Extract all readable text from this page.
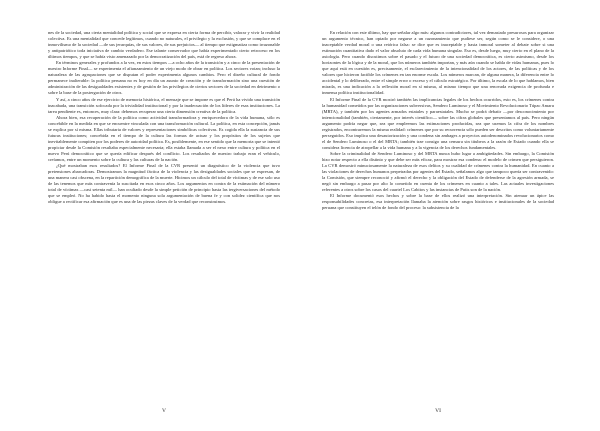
nes de la sociedad, una cierta mentalidad política y social que se expresa en cierta forma de percibir, valorar y vivir la realidad colectiva. Es una mentalidad que concede legítimos, cuando no naturales, el privilegio y la exclusión, y que se complace en el inmovilismo de la sociedad —de sus jerarquías, de sus valores, de sus prejuicios— al tiempo que estigmatiza como irrazonable y antipatriótico toda iniciativa de cambio verdadero. Ese talante conservador que había experimentado cierto retroceso en los últimos tiempos, y que se había visto amenazado por la democratización del país, está de regreso ahora.

En términos generales y profundos a la vez, en estos tiempos —a ocho años de la transición y a cinco de la presentación de nuestro Informe Final— se experimenta el afianzamiento de un viejo modo de obrar en política. Los sectores votan; incluso la naturaleza de las agrupaciones que se disputan el poder experimenta algunos cambios. Pero el diseño cultural de fondo permanece inalterable: la política peruana no es hoy en día un asunto de creación y de transformación sino una cuestión de administración de las desigualdades existentes y de gestión de los privilegios de ciertos sectores de la sociedad en detrimento o sobre la base de la postergación de otros.

Y así, a cinco años de ese ejercicio de memoria histórica, el mensaje que se impone es que el Perú ha vivido una transición inacabada, una transición sofocada por la trivialidad institucional y por la inadecuación de los líderes de esas instituciones. La tarea pendiente es, entonces, muy clara: debemos recuperar una cierta dimensión creativa de la política.

Ahora bien, esa recuperación de la política como actividad transformadora y enriquecedora de la vida humana, sólo es concebible en la medida en que se encuentre vinculada con una transformación cultural. La política, en esta concepción, jamás se explica por sí misma. Ellas tributaria de valores y representaciones simbólicas colectivas. Es cogida ella la sustancia de sus futuras instituciones; concebida en el tiempo de la cultura las formas de actuar y los propósitos de los sujetos que inevitablemente compiten por los poderes de autoridad política. Es, posiblemente, en ese sentido que la memoria que se intentó propiciar desde la Comisión resultaba especialmente necesaria; ella estaba llamada a ser el nexo entre cultura y política en el nuevo Perú democrático que se quería edificar después del conflicto. Los resultados de nuestro trabajo eran el vehículo, creíamos, entre un momento sobre la cultura y las culturas de la nación.

¿Qué mostraban esos resultados? El Informe Final de la CVR presentó un diagnóstico de la violencia que tuvo pretensiones abarcadoras. Demostramos la magnitud fáctica de la violencia y las desigualdades sociales que se expresan, de una manera casi obscena, en la repartición demográfica de la muerte. Hicimos un cálculo del total de víctimas y de ese solo uso de las tenemos que más contravenía la suscitada en esos cinco años. Los argumentos en contra de la estimación del número total de víctimas —casi setenta mil— han ocultado desde la simple petición de principio hasta las tergiversaciones del método que se empleó. No ha habido hasta el momento ninguna sola argumentación de buena fe y con solidez científica que nos obligue a rectificar esa afirmación que es una de las piezas claves de la verdad que reconstruimos.

V

En relación con este último, hay que señalar algo más: algunos contradictores, tal vez demasiado presurosos para organizar un argumento técnico, han optado por negarse a un razonamiento que pudiese ser, según como se le considere, o una inaceptable verdad moral o una retórica falsa: se dice que es inaceptable y hasta inmoral someter al debate sobre si una estimación cuantitativa dado el valor absoluto de cada vida humana singular. Eso es, desde luego, muy cierto en el plano de la axiología. Pero cuando discutimos sobre el pasado y el futuro de una sociedad democrática, es cierto asimismo, desde los horizontes de la lógica y de la moral, que los números también importan, y más aún cuando se habla de vidas humanas, pues lo que aquí está en cuestión es, precisamente, el esclarecimiento de la intencionalidad de los actores, de las políticas y de los valores que hicieron factible los crímenes en tan enorme escala. Los números marcan, de alguna manera, la diferencia entre lo accidental y lo deliberado, entre el simple error o exceso y el cálculo estratégico. Por último, la escala de lo que hablamos, bien mirada, es una indicación a la reflexión moral en sí misma, al mismo tiempo que una renovada exigencia de profunda e inmensa política institucionalidad.

El Informe Final de la CVR mostró también las implicancias legales de los hechos ocurridos, esto es, los crímenes contra la humanidad cometidos por las organizaciones subversivas, Sendero Luminoso y el Movimiento Revolucionario Túpac Amaru (MRTA), y también por los agentes armados estatales y paraestatales. Mucho se podrá debatir —por desconocimiento por intencionalidad (también, ciertamente, por interés científico— sobre las cifras globales que presentamos al país. Pero ningún argumento podría negar que, sea que empleemos las estimaciones producidas, sea que usemos la cifra de los nombres registrados, encontraremos la misma realidad: crímenes que por su recurrencia sólo pueden ser descritos como voluntariamente perseguidos. Eso implica una desautorización y una condena sin ambages a proyectos autodenominados revolucionarios como el de Sendero Luminoso o el del MRTA; también trae consigo una censura sin titubeos a la razón de Estado cuando ella se considera licencia de atropellar a la vida humana y a la vigencia de los derechos fundamentales.

Sobre la criminalidad de Sendero Luminoso y del MRTA nunca hubo lugar a ambigüedades. Sin embargo, la Comisión hizo notar respecto a ella distinto y que debe ser más eficaz, para mostrar esa condena: el modelo de crimen que persiguieron. La CVR demostró minuciosamente la naturaleza de esos delitos y su cualidad de crímenes contra la humanidad. En cuanto a las violaciones de derechos humanos perpetradas por agentes del Estado, señalamos algo que tampoco quería ser contravenido: la Comisión, que siempre reconoció y afirmó el derecho y la obligación del Estado de defenderse de la agresión armada, se negó sin embargo a pasar por alto lo cometido en cuenta de los crímenes en cuanto a tales. Las actuales investigaciones referentes a otros sobre los casos del cuartel Los Cabitos y las instancias de Putis son de la nación.

El Informe documentó esos hechos y sobre la base de ellos realizó una interpretación. Sin atenuar un ápice las responsabilidades concretas, esa interpretación llamaba la atención sobre rasgos históricos e institucionales de la sociedad peruana que constituyen el telón de fondo del proceso: la subsistencia de la

VI
